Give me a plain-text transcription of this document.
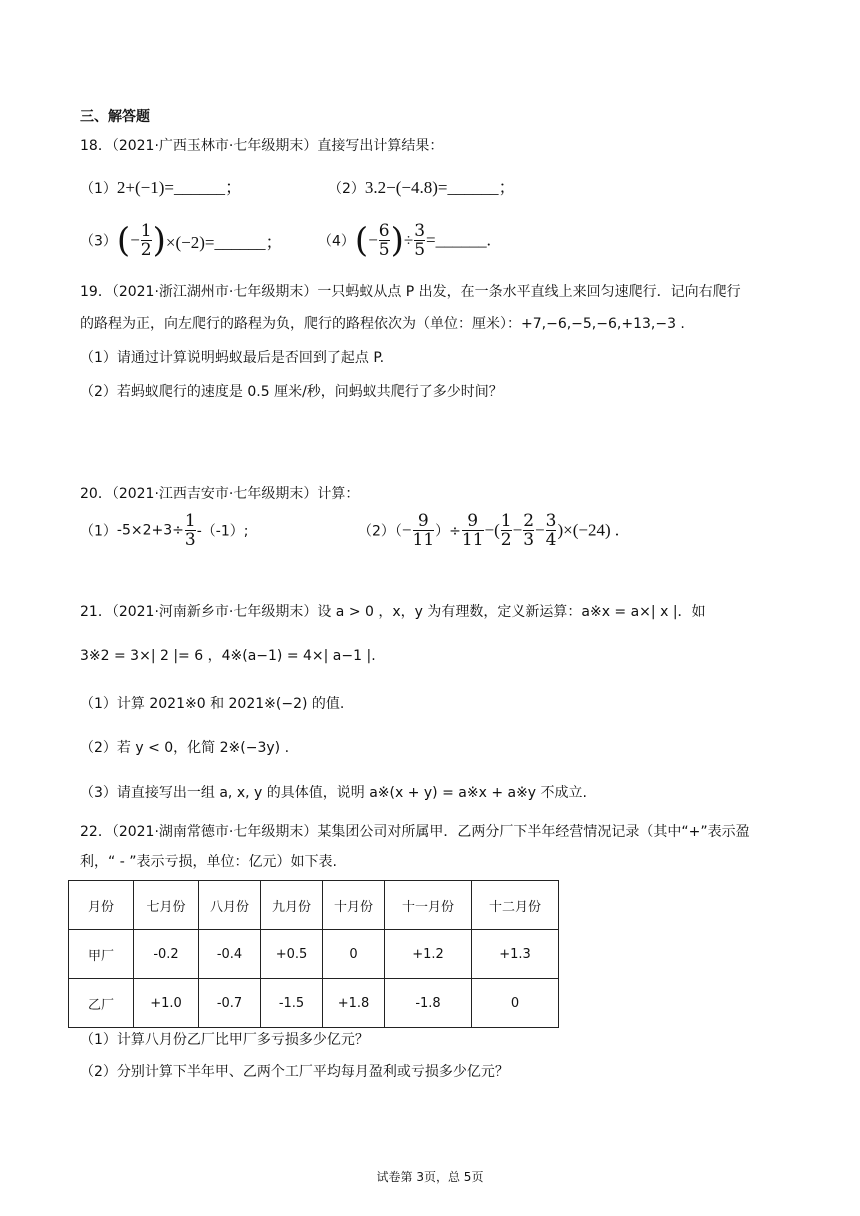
三、解答题
18．（2021·广西玉林市·七年级期末）直接写出计算结果：
（1）2+(−1)=______；	（2）3.2−(−4.8)=______；
$(3)(- \frac{1}{2}$ )×(−2)=______；	$(4)(- \frac{6}{5}$ )÷ $\frac{3}{5}$ =______.
19．（2021·浙江湖州市·七年级期末）一只蚂蚁从点 P 出发，在一条水平直线上来回匀速爬行．记向右爬行
的路程为正，向左爬行的路程为负，爬行的路程依次为（单位：厘米）：+7,−6,−5,−6,+13,−3 .
（1）请通过计算说明蚂蚁最后是否回到了起点 P.
（2）若蚂蚁爬行的速度是 0.5 厘米/秒，问蚂蚁共爬行了多少时间？
20．（2021·江西吉安市·七年级期末）计算：
$(1)-5\times 2+3\div \frac{1}{3} -(-1)$;	$(2)(- \frac{9}{11}$ ）÷ $\frac{9}{11}$ −( $\frac{1}{2} - \frac{2}{3} - \frac{3}{4} )\times(-24)$ .
21．（2021·河南新乡市·七年级期末）设 a > 0 ，x，y 为有理数，定义新运算：a※x = a×| x |．如
3※2 = 3×| 2 |= 6 ，4※(a−1) = 4×| a−1 |.
（1）计算 2021※0 和 2021※(−2) 的值.
（2）若 y < 0，化简 2※(−3y) .
（3）请直接写出一组 a, x, y 的具体值，说明 a※(x + y) = a※x + a※y 不成立.
22．（2021·湖南常德市·七年级期末）某集团公司对所属甲．乙两分厂下半年经营情况记录（其中“+”表示盈
利，“ - ”表示亏损，单位：亿元）如下表.
月份	七月份	八月份	九月份	十月份	十一月份	十二月份
甲厂	-0.2	-0.4	+0.5	0	+1.2	+1.3
乙厂	+1.0	-0.7	-1.5	+1.8	-1.8	0
（1）计算八月份乙厂比甲厂多亏损多少亿元？
（2）分别计算下半年甲、乙两个工厂平均每月盈利或亏损多少亿元？
试卷第 3页，总 5页
